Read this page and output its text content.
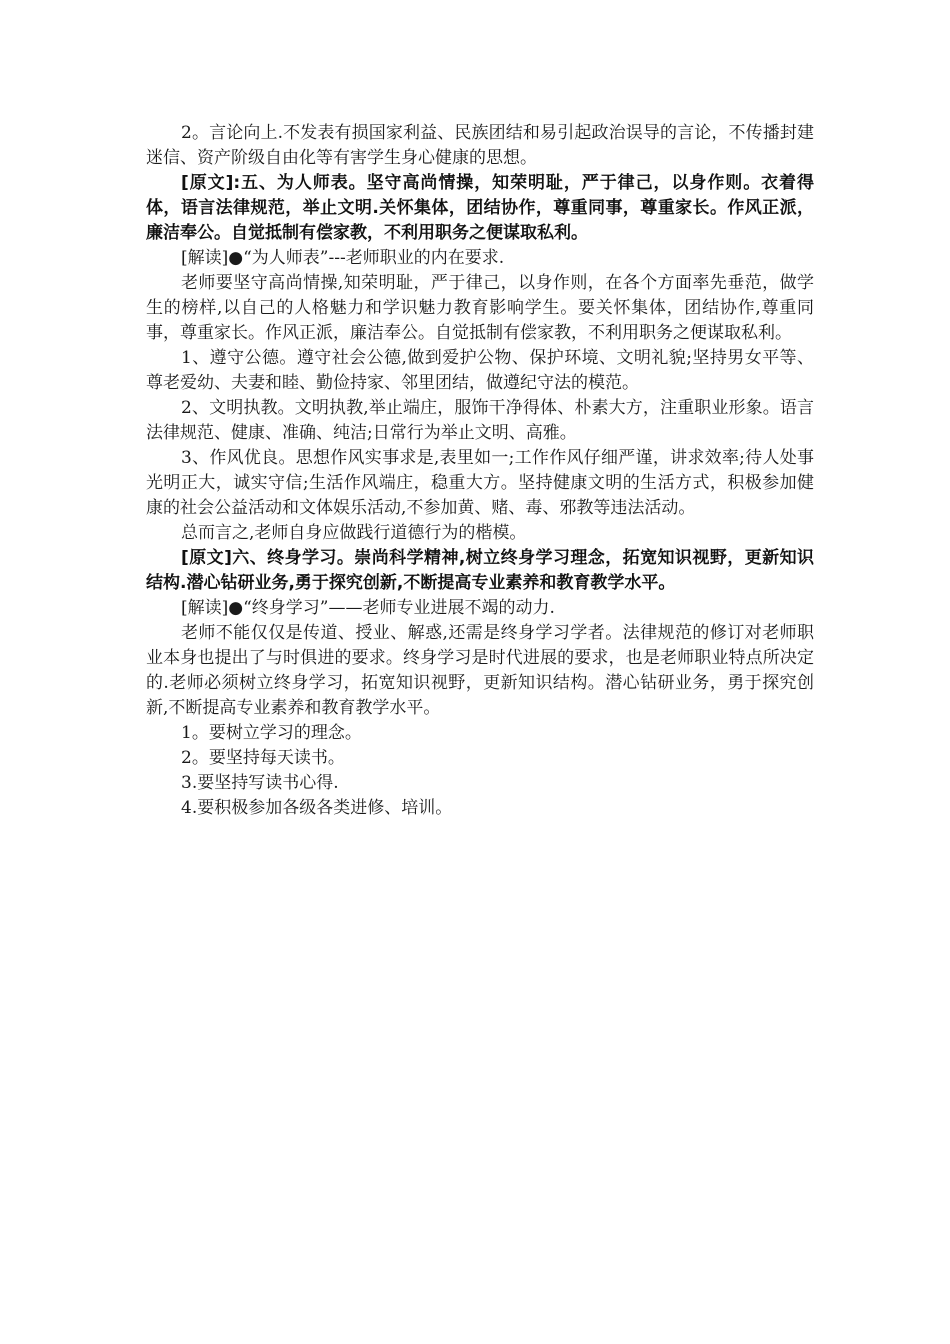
2。言论向上.不发表有损国家利益、民族团结和易引起政治误导的言论，不传播封建迷信、资产阶级自由化等有害学生身心健康的思想。

[原文]:五、为人师表。坚守高尚情操，知荣明耻，严于律己，以身作则。衣着得体，语言法律规范，举止文明.关怀集体，团结协作，尊重同事，尊重家长。作风正派，廉洁奉公。自觉抵制有偿家教，不利用职务之便谋取私利。

[解读]●“为人师表”---老师职业的内在要求.

老师要坚守高尚情操,知荣明耻，严于律己，以身作则，在各个方面率先垂范，做学生的榜样,以自己的人格魅力和学识魅力教育影响学生。要关怀集体，团结协作,尊重同事，尊重家长。作风正派，廉洁奉公。自觉抵制有偿家教，不利用职务之便谋取私利。

1、遵守公德。遵守社会公德,做到爱护公物、保护环境、文明礼貌;坚持男女平等、尊老爱幼、夫妻和睦、勤俭持家、邻里团结，做遵纪守法的模范。

2、文明执教。文明执教,举止端庄，服饰干净得体、朴素大方，注重职业形象。语言法律规范、健康、准确、纯洁;日常行为举止文明、高雅。

3、作风优良。思想作风实事求是,表里如一;工作作风仔细严谨，讲求效率;待人处事光明正大，诚实守信;生活作风端庄，稳重大方。坚持健康文明的生活方式，积极参加健康的社会公益活动和文体娱乐活动,不参加黄、赌、毒、邪教等违法活动。

总而言之,老师自身应做践行道德行为的楷模。

[原文]六、终身学习。崇尚科学精神,树立终身学习理念，拓宽知识视野，更新知识结构.潜心钻研业务,勇于探究创新,不断提高专业素养和教育教学水平。

[解读]●“终身学习”——老师专业进展不竭的动力.

老师不能仅仅是传道、授业、解惑,还需是终身学习学者。法律规范的修订对老师职业本身也提出了与时俱进的要求。终身学习是时代进展的要求，也是老师职业特点所决定的.老师必须树立终身学习，拓宽知识视野，更新知识结构。潜心钻研业务，勇于探究创新,不断提高专业素养和教育教学水平。

1。要树立学习的理念。

2。要坚持每天读书。

3.要坚持写读书心得.

4.要积极参加各级各类进修、培训。
